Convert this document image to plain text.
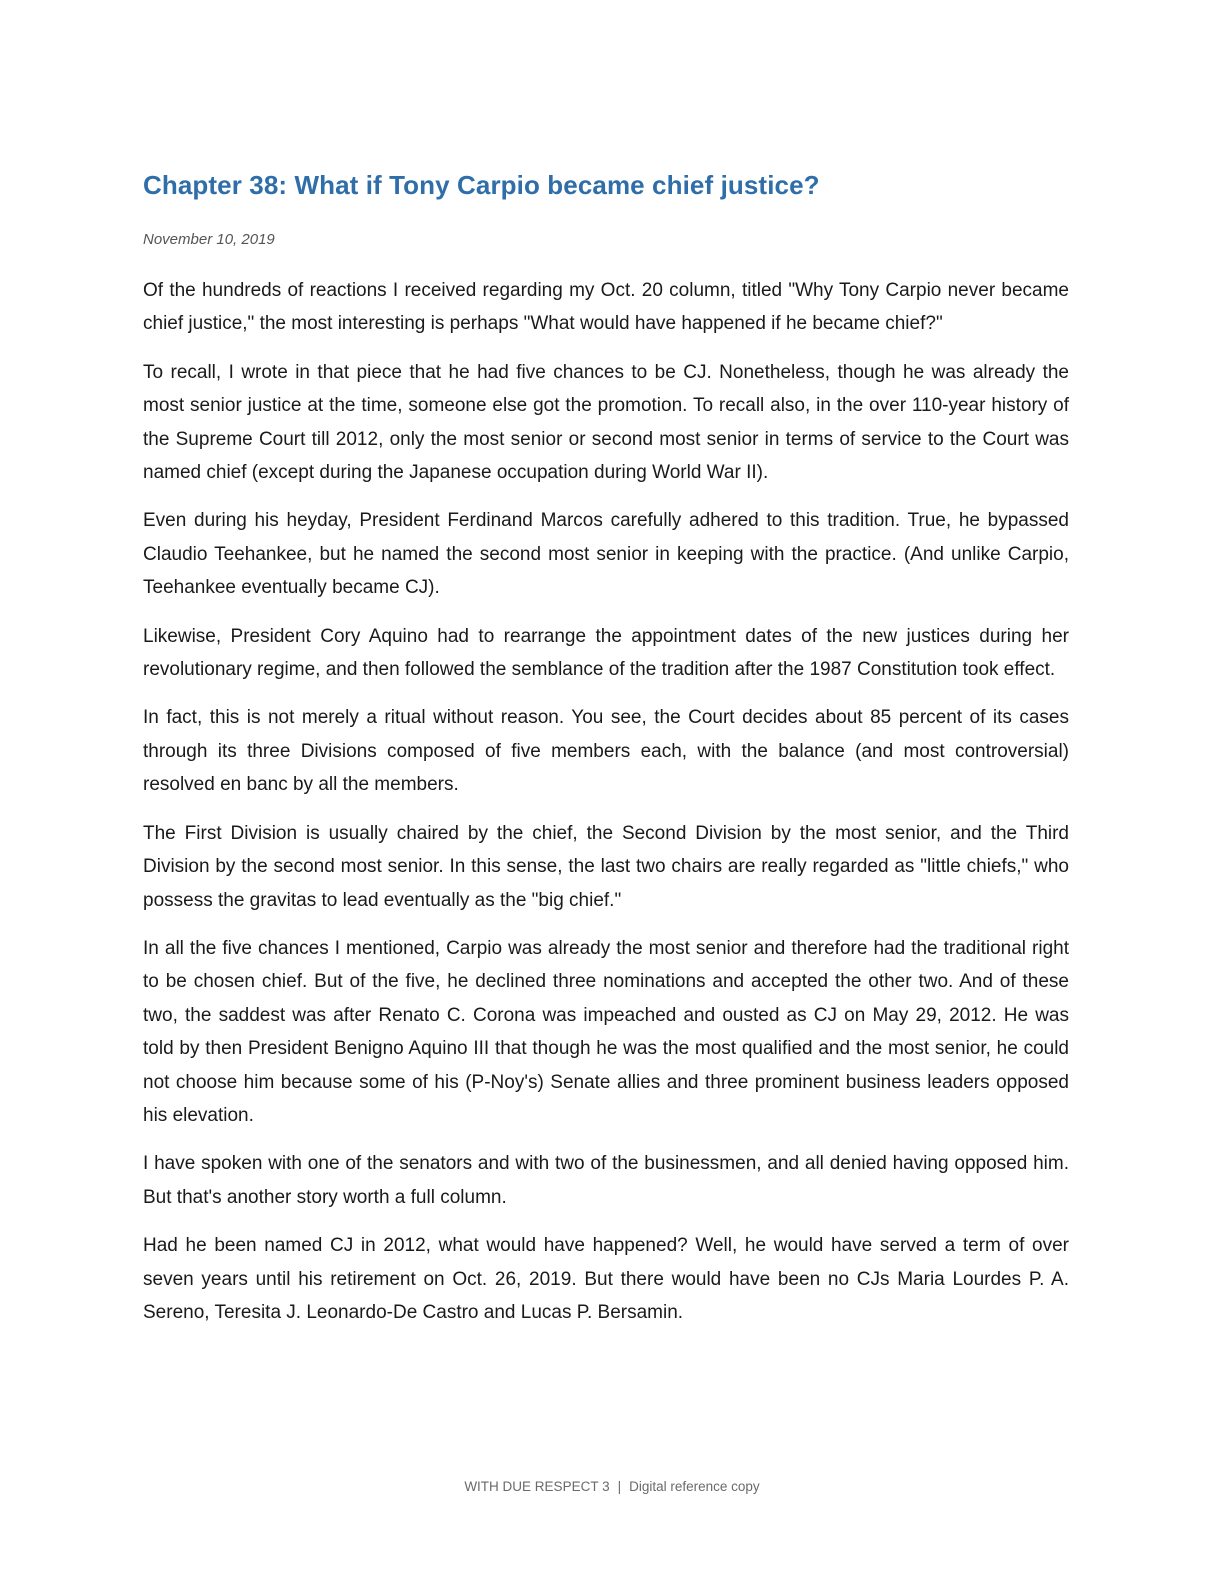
Chapter 38: What if Tony Carpio became chief justice?
November 10, 2019

Of the hundreds of reactions I received regarding my Oct. 20 column, titled "Why Tony Carpio never became chief justice," the most interesting is perhaps "What would have happened if he became chief?"

To recall, I wrote in that piece that he had five chances to be CJ. Nonetheless, though he was already the most senior justice at the time, someone else got the promotion. To recall also, in the over 110-year history of the Supreme Court till 2012, only the most senior or second most senior in terms of service to the Court was named chief (except during the Japanese occupation during World War II).

Even during his heyday, President Ferdinand Marcos carefully adhered to this tradition. True, he bypassed Claudio Teehankee, but he named the second most senior in keeping with the practice. (And unlike Carpio, Teehankee eventually became CJ).

Likewise, President Cory Aquino had to rearrange the appointment dates of the new justices during her revolutionary regime, and then followed the semblance of the tradition after the 1987 Constitution took effect.

In fact, this is not merely a ritual without reason. You see, the Court decides about 85 percent of its cases through its three Divisions composed of five members each, with the balance (and most controversial) resolved en banc by all the members.

The First Division is usually chaired by the chief, the Second Division by the most senior, and the Third Division by the second most senior. In this sense, the last two chairs are really regarded as "little chiefs," who possess the gravitas to lead eventually as the "big chief."

In all the five chances I mentioned, Carpio was already the most senior and therefore had the traditional right to be chosen chief. But of the five, he declined three nominations and accepted the other two. And of these two, the saddest was after Renato C. Corona was impeached and ousted as CJ on May 29, 2012. He was told by then President Benigno Aquino III that though he was the most qualified and the most senior, he could not choose him because some of his (P-Noy's) Senate allies and three prominent business leaders opposed his elevation.

I have spoken with one of the senators and with two of the businessmen, and all denied having opposed him. But that's another story worth a full column.

Had he been named CJ in 2012, what would have happened? Well, he would have served a term of over seven years until his retirement on Oct. 26, 2019. But there would have been no CJs Maria Lourdes P. A. Sereno, Teresita J. Leonardo-De Castro and Lucas P. Bersamin.

WITH DUE RESPECT 3 | Digital reference copy
